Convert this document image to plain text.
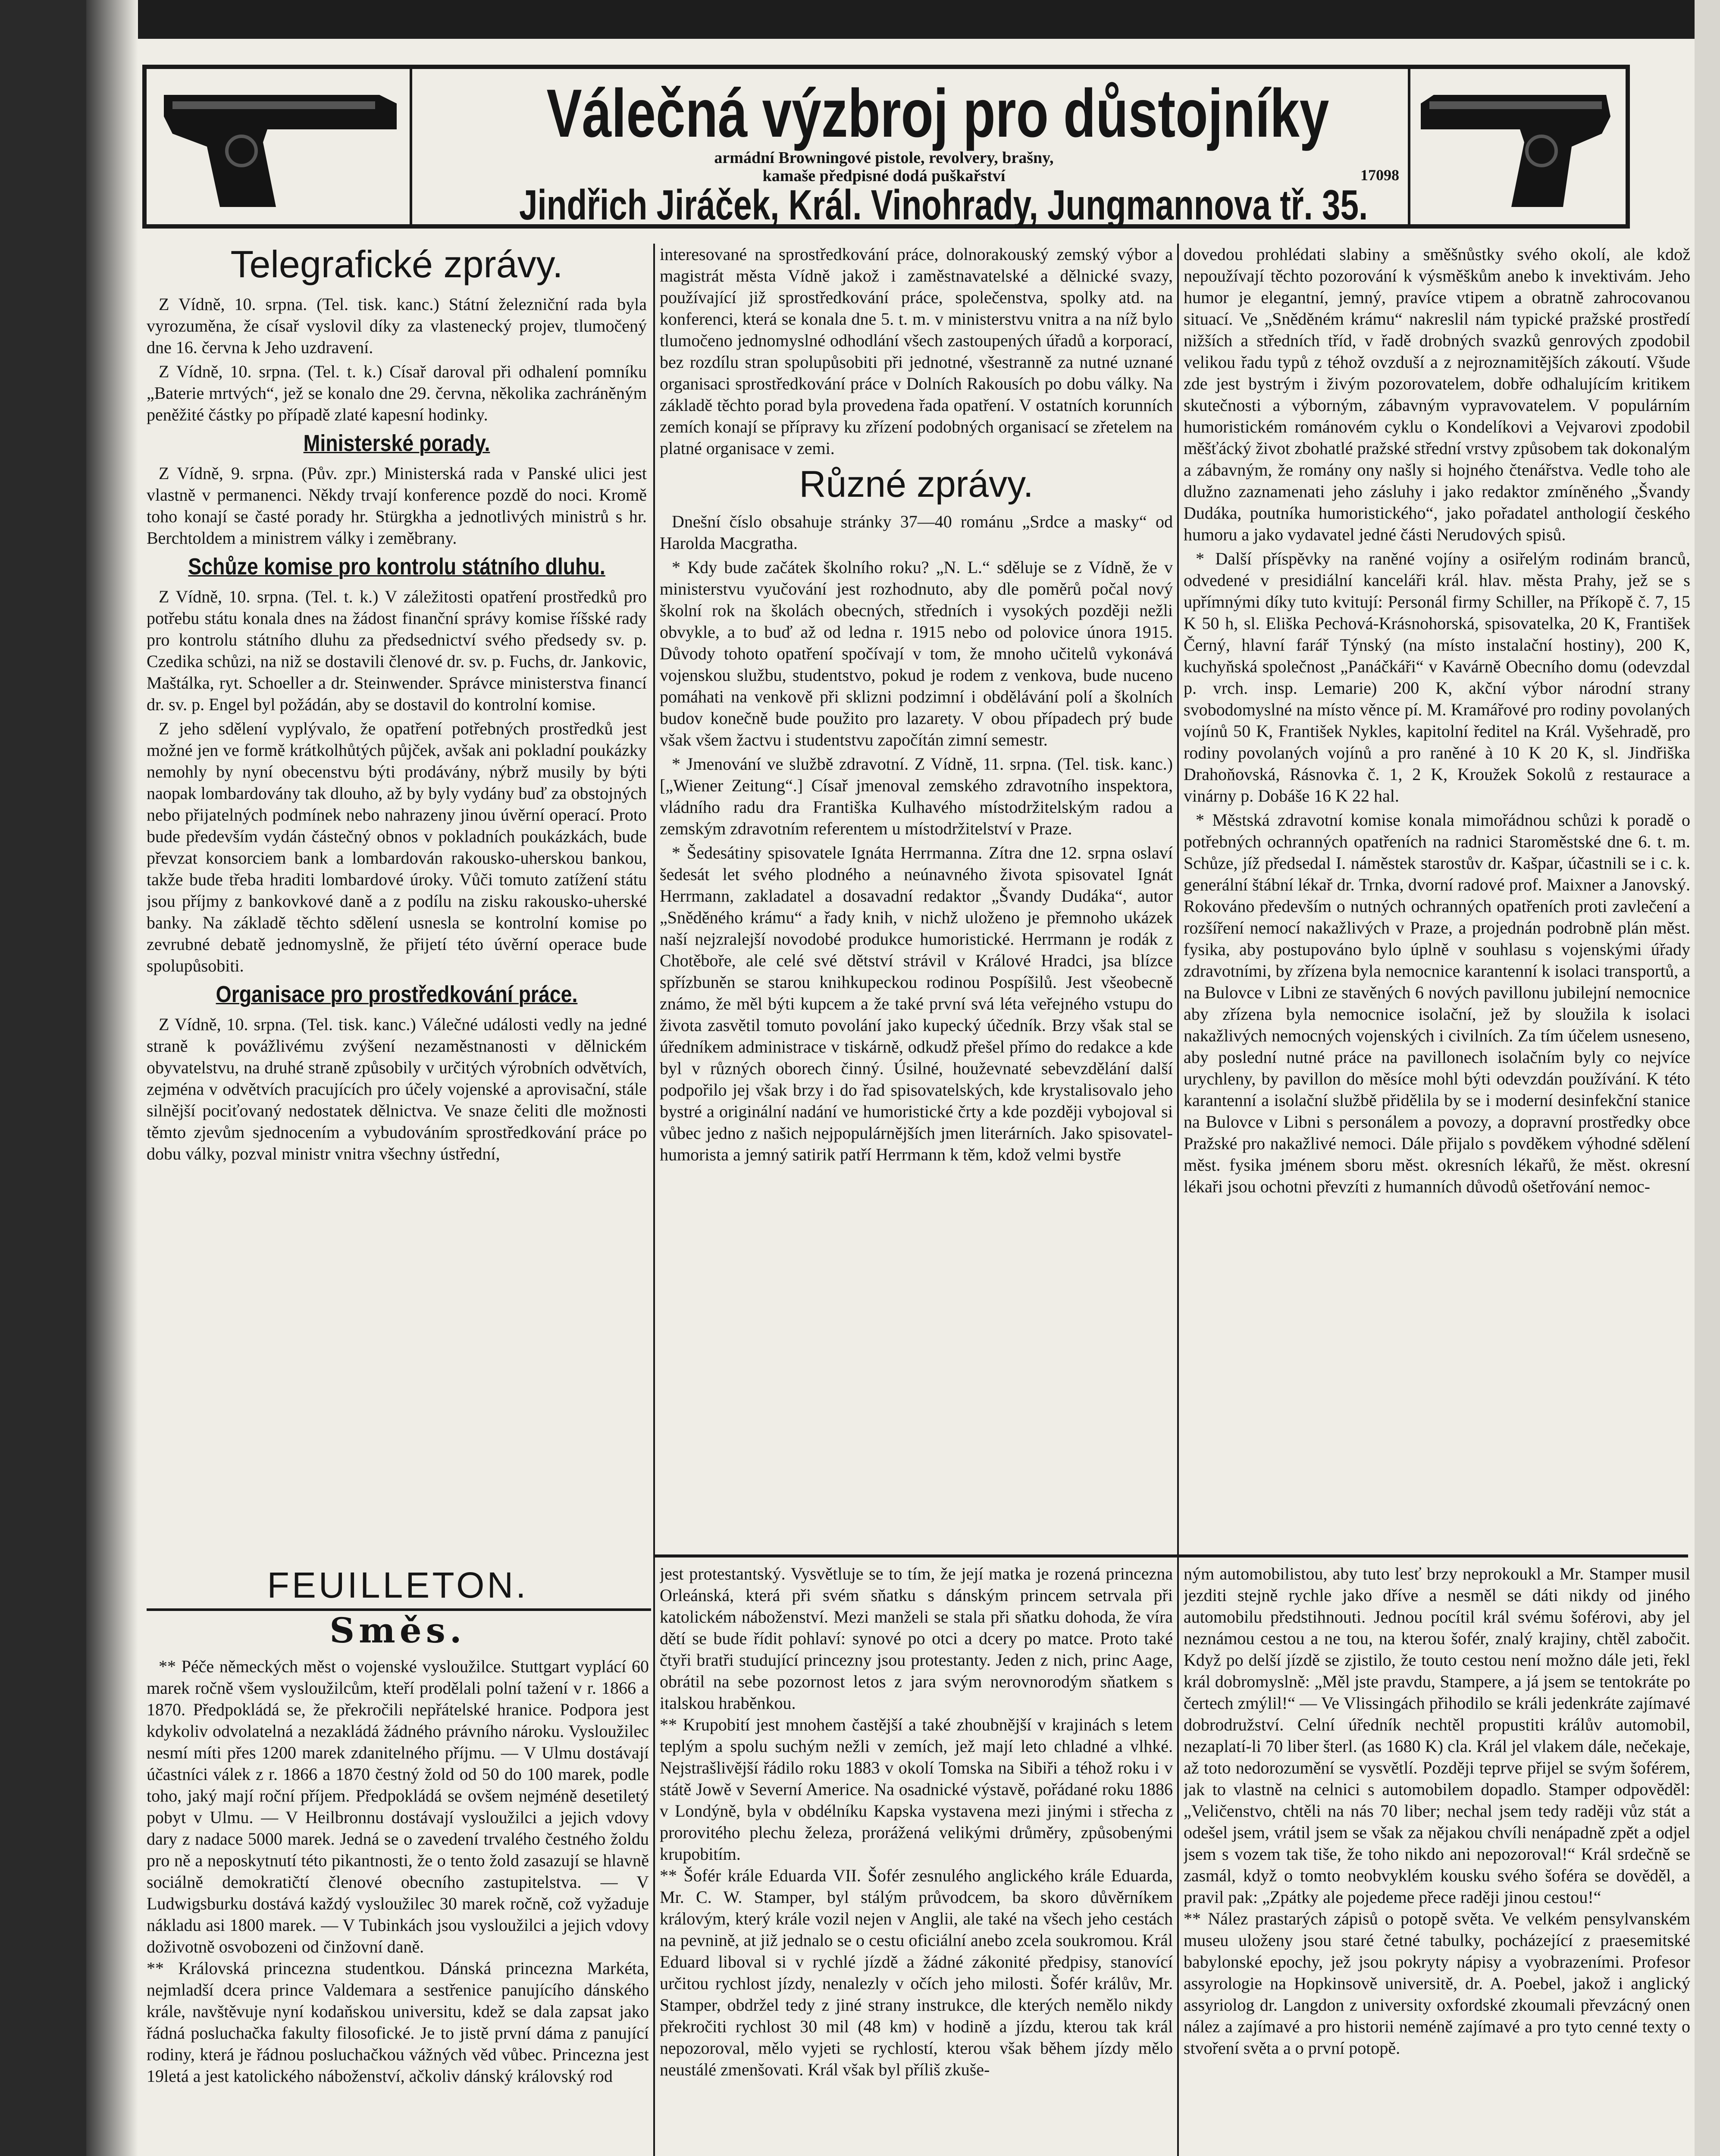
Válečná výzbroj pro důstojníky
armádní Browningové pistole, revolvery, brašny,
kamaše předpisné dodá puškařství	17098
Jindřich Jiráček, Král. Vinohrady, Jungmannova tř. 35.
Telegrafické zprávy.

Z Vídně, 10. srpna. (Tel. tisk. kanc.) Státní železniční rada byla vyrozuměna, že císař vyslovil díky za vlastenecký projev, tlumočený dne 16. června k Jeho uzdravení.

Z Vídně, 10. srpna. (Tel. t. k.) Císař daroval při odhalení pomníku „Baterie mrtvých“, jež se konalo dne 29. června, několika zachráněným peněžité částky po případě zlaté kapesní hodinky.

Ministerské porady.

Z Vídně, 9. srpna. (Pův. zpr.) Ministerská rada v Panské ulici jest vlastně v permanenci. Někdy trvají konference pozdě do noci. Kromě toho konají se časté porady hr. Stürgkha a jednotlivých ministrů s hr. Berchtoldem a ministrem války i zeměbrany.

Schůze komise pro kontrolu státního dluhu.

Z Vídně, 10. srpna. (Tel. t. k.) V záležitosti opatření prostředků pro potřebu státu konala dnes na žádost finanční správy komise říšské rady pro kontrolu státního dluhu za předsednictví svého předsedy sv. p. Czedika schůzi, na niž se dostavili členové dr. sv. p. Fuchs, dr. Jankovic, Maštálka, ryt. Schoeller a dr. Steinwender. Správce ministerstva financí dr. sv. p. Engel byl požádán, aby se dostavil do kontrolní komise.

Z jeho sdělení vyplývalo, že opatření potřebných prostředků jest možné jen ve formě krátkolhůtých půjček, avšak ani pokladní poukázky nemohly by nyní obecenstvu býti prodávány, nýbrž musily by býti naopak lombardovány tak dlouho, až by byly vydány buď za obstojných nebo přijatelných podmínek nebo nahrazeny jinou úvěrní operací. Proto bude především vydán částečný obnos v pokladních poukázkách, bude převzat konsorciem bank a lombardován rakousko-uherskou bankou, takže bude třeba hraditi lombardové úroky. Vůči tomuto zatížení státu jsou příjmy z bankovkové daně a z podílu na zisku rakousko-uherské banky. Na základě těchto sdělení usnesla se kontrolní komise po zevrubné debatě jednomyslně, že přijetí této úvěrní operace bude spolupůsobiti.

Organisace pro prostředkování práce.

Z Vídně, 10. srpna. (Tel. tisk. kanc.) Válečné události vedly na jedné straně k povážlivému zvýšení nezaměstnanosti v dělnickém obyvatelstvu, na druhé straně způsobily v určitých výrobních odvětvích, zejména v odvětvích pracujících pro účely vojenské a aprovisační, stále silnější pociťovaný nedostatek dělnictva. Ve snaze čeliti dle možnosti těmto zjevům sjednocením a vybudováním sprostředkování práce po dobu války, pozval ministr vnitra všechny ústřední,

interesované na sprostředkování práce, dolnorakouský zemský výbor a magistrát města Vídně jakož i zaměstnavatelské a dělnické svazy, používající již sprostředkování práce, společenstva, spolky atd. na konferenci, která se konala dne 5. t. m. v ministerstvu vnitra a na níž bylo tlumočeno jednomyslné odhodlání všech zastoupených úřadů a korporací, bez rozdílu stran spolupůsobiti při jednotné, všestranně za nutné uznané organisaci sprostředkování práce v Dolních Rakousích po dobu války. Na základě těchto porad byla provedena řada opatření. V ostatních korunních zemích konají se přípravy ku zřízení podobných organisací se zřetelem na platné organisace v zemi.

Různé zprávy.

Dnešní číslo obsahuje stránky 37—40 románu „Srdce a masky“ od Harolda Macgratha.

* Kdy bude začátek školního roku? „N. L.“ sděluje se z Vídně, že v ministerstvu vyučování jest rozhodnuto, aby dle poměrů počal nový školní rok na školách obecných, středních i vysokých později nežli obvykle, a to buď až od ledna r. 1915 nebo od polovice února 1915. Důvody tohoto opatření spočívají v tom, že mnoho učitelů vykonává vojenskou službu, studentstvo, pokud je rodem z venkova, bude nuceno pomáhati na venkově při sklizni podzimní i obdělávání polí a školních budov konečně bude použito pro lazarety. V obou případech prý bude však všem žactvu i studentstvu započítán zimní semestr.

* Jmenování ve službě zdravotní. Z Vídně, 11. srpna. (Tel. tisk. kanc.) [„Wiener Zeitung“.] Císař jmenoval zemského zdravotního inspektora, vládního radu dra Františka Kulhavého místodržitelským radou a zemským zdravotním referentem u místodržitelství v Praze.

* Šedesátiny spisovatele Ignáta Herrmanna. Zítra dne 12. srpna oslaví šedesát let svého plodného a neúnavného života spisovatel Ignát Herrmann, zakladatel a dosavadní redaktor „Švandy Dudáka“, autor „Sněděného krámu“ a řady knih, v nichž uloženo je přemnoho ukázek naší nejzralejší novodobé produkce humoristické. Herrmann je rodák z Chotěboře, ale celé své dětství strávil v Králové Hradci, jsa blízce spřízbuněn se starou knihkupeckou rodinou Pospíšilů. Jest všeobecně známo, že měl býti kupcem a že také první svá léta veřejného vstupu do života zasvětil tomuto povolání jako kupecký účedník. Brzy však stal se úředníkem administrace v tiskárně, odkudž přešel přímo do redakce a kde byl v různých oborech činný. Úsilné, houževnaté sebevzdělání další podpořilo jej však brzy i do řad spisovatelských, kde krystalisovalo jeho bystré a originální nadání ve humoristické črty a kde později vybojoval si vůbec jedno z našich nejpopulárnějších jmen literárních. Jako spisovatel-humorista a jemný satirik patří Herrmann k těm, kdož velmi bystře

dovedou prohlédati slabiny a směšnůstky svého okolí, ale kdož nepoužívají těchto pozorování k výsměškům anebo k invektivám. Jeho humor je elegantní, jemný, pravíce vtipem a obratně zahrocovanou situací. Ve „Sněděném krámu“ nakreslil nám typické pražské prostředí nižších a středních tříd, v řadě drobných svazků genrových zpodobil velikou řadu typů z téhož ovzduší a z nejroznamitějších zákoutí. Všude zde jest bystrým i živým pozorovatelem, dobře odhalujícím kritikem skutečnosti a výborným, zábavným vypravovatelem. V populárním humoristickém románovém cyklu o Kondelíkovi a Vejvarovi zpodobil měšťácký život zbohatlé pražské střední vrstvy způsobem tak dokonalým a zábavným, že romány ony našly si hojného čtenářstva. Vedle toho ale dlužno zaznamenati jeho zásluhy i jako redaktor zmíněného „Švandy Dudáka, poutníka humoristického“, jako pořadatel anthologií českého humoru a jako vydavatel jedné části Nerudových spisů.

* Další příspěvky na raněné vojíny a osiřelým rodinám branců, odvedené v presidiální kanceláři král. hlav. města Prahy, jež se s upřímnými díky tuto kvitují: Personál firmy Schiller, na Příkopě č. 7, 15 K 50 h, sl. Eliška Pechová-Krásnohorská, spisovatelka, 20 K, František Černý, hlavní farář Týnský (na místo instalační hostiny), 200 K, kuchyňská společnost „Panáčkáři“ v Kavárně Obecního domu (odevzdal p. vrch. insp. Lemarie) 200 K, akční výbor národní strany svobodomyslné na místo věnce pí. M. Kramářové pro rodiny povolaných vojínů 50 K, František Nykles, kapitolní ředitel na Král. Vyšehradě, pro rodiny povolaných vojínů a pro raněné à 10 K 20 K, sl. Jindřiška Drahoňovská, Rásnovka č. 1, 2 K, Kroužek Sokolů z restaurace a vinárny p. Dobáše 16 K 22 hal.

* Městská zdravotní komise konala mimořádnou schůzi k poradě o potřebných ochranných opatřeních na radnici Staroměstské dne 6. t. m. Schůze, jíž předsedal I. náměstek starostův dr. Kašpar, účastnili se i c. k. generální štábní lékař dr. Trnka, dvorní radové prof. Maixner a Janovský. Rokováno především o nutných ochranných opatřeních proti zavlečení a rozšíření nemocí nakažlivých v Praze, a projednán podrobně plán měst. fysika, aby postupováno bylo úplně v souhlasu s vojenskými úřady zdravotními, by zřízena byla nemocnice karantenní k isolaci transportů, a na Bulovce v Libni ze stavěných 6 nových pavillonu jubilejní nemocnice aby zřízena byla nemocnice isolační, jež by sloužila k isolaci nakažlivých nemocných vojenských i civilních. Za tím účelem usneseno, aby poslední nutné práce na pavillonech isolačním byly co nejvíce urychleny, by pavillon do měsíce mohl býti odevzdán používání. K této karantenní a isolační službě přidělila by se i moderní desinfekční stanice na Bulovce v Libni s personálem a povozy, a dopravní prostředky obce Pražské pro nakažlivé nemoci. Dále přijalo s povděkem výhodné sdělení měst. fysika jménem sboru měst. okresních lékařů, že měst. okresní lékaři jsou ochotni převzíti z humanních důvodů ošetřování nemoc-

FEUILLETON.
Směs.

** Péče německých měst o vojenské vysloužilce. Stuttgart vyplácí 60 marek ročně všem vysloužilcům, kteří prodělali polní tažení v r. 1866 a 1870. Předpokládá se, že překročili nepřátelské hranice. Podpora jest kdykoliv odvolatelná a nezakládá žádného právního nároku. Vysloužilec nesmí míti přes 1200 marek zdanitelného příjmu. — V Ulmu dostávají účastníci válek z r. 1866 a 1870 čestný žold od 50 do 100 marek, podle toho, jaký mají roční příjem. Předpokládá se ovšem nejméně desetiletý pobyt v Ulmu. — V Heilbronnu dostávají vysloužilci a jejich vdovy dary z nadace 5000 marek. Jedná se o zavedení trvalého čestného žoldu pro ně a neposkytnutí této pikantnosti, že o tento žold zasazují se hlavně sociálně demokratičtí členové obecního zastupitelstva. — V Ludwigsburku dostává každý vysloužilec 30 marek ročně, což vyžaduje nákladu asi 1800 marek. — V Tubinkách jsou vysloužilci a jejich vdovy doživotně osvobozeni od činžovní daně.
** Královská princezna studentkou. Dánská princezna Markéta, nejmladší dcera prince Valdemara a sestřenice panujícího dánského krále, navštěvuje nyní kodaňskou universitu, kdež se dala zapsat jako řádná posluchačka fakulty filosofické. Je to jistě první dáma z panující rodiny, která je řádnou posluchačkou vážných věd vůbec. Princezna jest 19letá a jest katolického náboženství, ačkoliv dánský královský rod

jest protestantský. Vysvětluje se to tím, že její matka je rozená princezna Orleánská, která při svém sňatku s dánským princem setrvala při katolickém náboženství. Mezi manželi se stala při sňatku dohoda, že víra dětí se bude řídit pohlaví: synové po otci a dcery po matce. Proto také čtyři bratři studující princezny jsou protestanty. Jeden z nich, princ Aage, obrátil na sebe pozornost letos z jara svým nerovnorodým sňatkem s italskou hraběnkou.
** Krupobití jest mnohem častější a také zhoubnější v krajinách s letem teplým a spolu suchým nežli v zemích, jež mají leto chladné a vlhké. Nejstrašlivější řádilo roku 1883 v okolí Tomska na Sibiři a téhož roku i v státě Jowě v Severní Americe. Na osadnické výstavě, pořádané roku 1886 v Londýně, byla v obdélníku Kapska vystavena mezi jinými i střecha z prorovitého plechu železa, prorážená velikými drůměry, způsobenými krupobitím.
** Šofér krále Eduarda VII. Šofér zesnulého anglického krále Eduarda, Mr. C. W. Stamper, byl stálým průvodcem, ba skoro důvěrníkem královým, který krále vozil nejen v Anglii, ale také na všech jeho cestách na pevnině, at již jednalo se o cestu oficiální anebo zcela soukromou. Král Eduard liboval si v rychlé jízdě a žádné zákonité předpisy, stanovící určitou rychlost jízdy, nenalezly v očích jeho milosti. Šofér králův, Mr. Stamper, obdržel tedy z jiné strany instrukce, dle kterých nemělo nikdy překročiti rychlost 30 mil (48 km) v hodině a jízdu, kterou tak král nepozoroval, mělo vyjeti se rychlostí, kterou však během jízdy mělo neustálé zmenšovati. Král však byl příliš zkuše-

ným automobilistou, aby tuto lesť brzy neprokoukl a Mr. Stamper musil jezditi stejně rychle jako dříve a nesměl se dáti nikdy od jiného automobilu předstihnouti. Jednou pocítil král svému šoférovi, aby jel neznámou cestou a ne tou, na kterou šofér, znalý krajiny, chtěl zabočit. Když po delší jízdě se zjistilo, že touto cestou není možno dále jeti, řekl král dobromyslně: „Měl jste pravdu, Stampere, a já jsem se tentokráte po čertech zmýlil!“ — Ve Vlissingách přihodilo se králi jedenkráte zajímavé dobrodružství. Celní úředník nechtěl propustiti králův automobil, nezaplatí-li 70 liber šterl. (as 1680 K) cla. Král jel vlakem dále, nečekaje, až toto nedorozumění se vysvětlí. Později teprve přijel se svým šoférem, jak to vlastně na celnici s automobilem dopadlo. Stamper odpověděl: „Veličenstvo, chtěli na nás 70 liber; nechal jsem tedy raději vůz stát a odešel jsem, vrátil jsem se však za nějakou chvíli nenápadně zpět a odjel jsem s vozem tak tiše, že toho nikdo ani nepozoroval!“ Král srdečně se zasmál, když o tomto neobvyklém kousku svého šoféra se dověděl, a pravil pak: „Zpátky ale pojedeme přece raději jinou cestou!“
** Nález prastarých zápisů o potopě světa. Ve velkém pensylvanském museu uloženy jsou staré četné tabulky, pocházející z praesemitské babylonské epochy, jež jsou pokryty nápisy a vyobrazeními. Profesor assyrologie na Hopkinsově universitě, dr. A. Poebel, jakož i anglický assyriolog dr. Langdon z university oxfordské zkoumali převzácný onen nález a zajímavé a pro historii neméně zajímavé a pro tyto cenné texty o stvoření světa a o první potopě.
